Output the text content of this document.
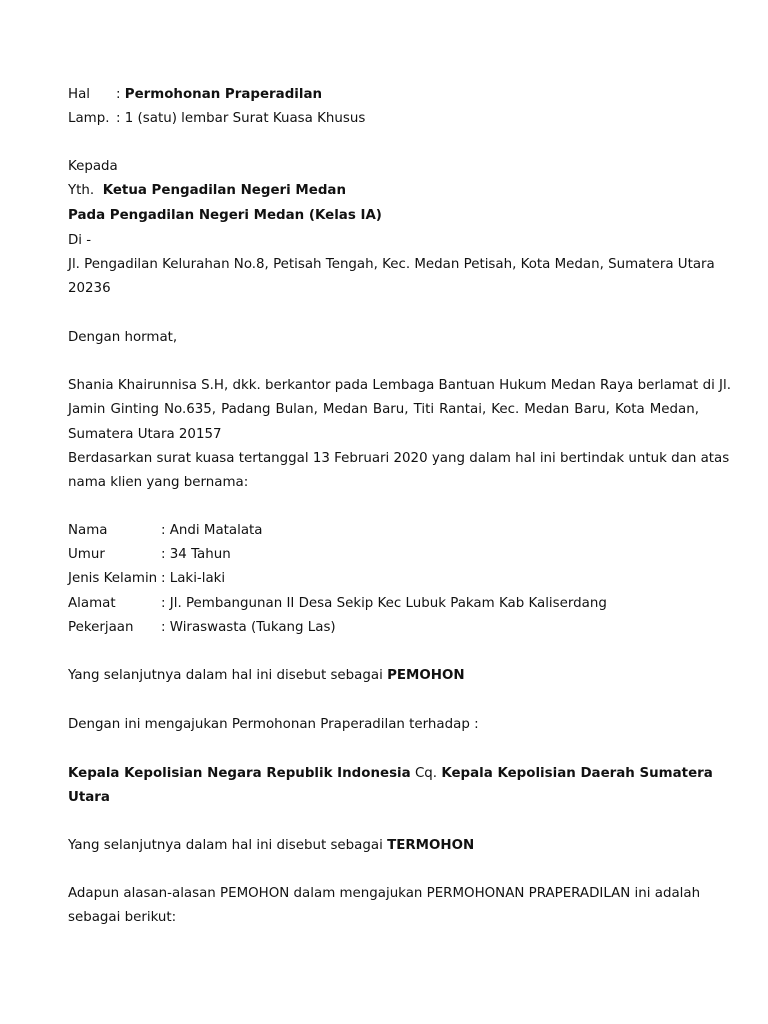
Hal : Permohonan Praperadilan
Lamp. : 1 (satu) lembar Surat Kuasa Khusus
Kepada
Yth. Ketua Pengadilan Negeri Medan
Pada Pengadilan Negeri Medan (Kelas IA)
Di -
Jl. Pengadilan Kelurahan No.8, Petisah Tengah, Kec. Medan Petisah, Kota Medan, Sumatera Utara
20236
Dengan hormat,
Shania Khairunnisa S.H, dkk. berkantor pada Lembaga Bantuan Hukum Medan Raya berlamat di Jl.
Jamin Ginting No.635, Padang Bulan, Medan Baru, Titi Rantai, Kec. Medan Baru, Kota Medan,
Sumatera Utara 20157
Berdasarkan surat kuasa tertanggal 13 Februari 2020 yang dalam hal ini bertindak untuk dan atas
nama klien yang bernama:
Nama	: Andi Matalata
Umur	: 34 Tahun
Jenis Kelamin : Laki-laki
Alamat	: Jl. Pembangunan II Desa Sekip Kec Lubuk Pakam Kab Kaliserdang
Pekerjaan : Wiraswasta (Tukang Las)
Yang selanjutnya dalam hal ini disebut sebagai PEMOHON
Dengan ini mengajukan Permohonan Praperadilan terhadap :
Kepala Kepolisian Negara Republik Indonesia Cq. Kepala Kepolisian Daerah Sumatera
Utara
Yang selanjutnya dalam hal ini disebut sebagai TERMOHON
Adapun alasan-alasan PEMOHON dalam mengajukan PERMOHONAN PRAPERADILAN ini adalah
sebagai berikut:
